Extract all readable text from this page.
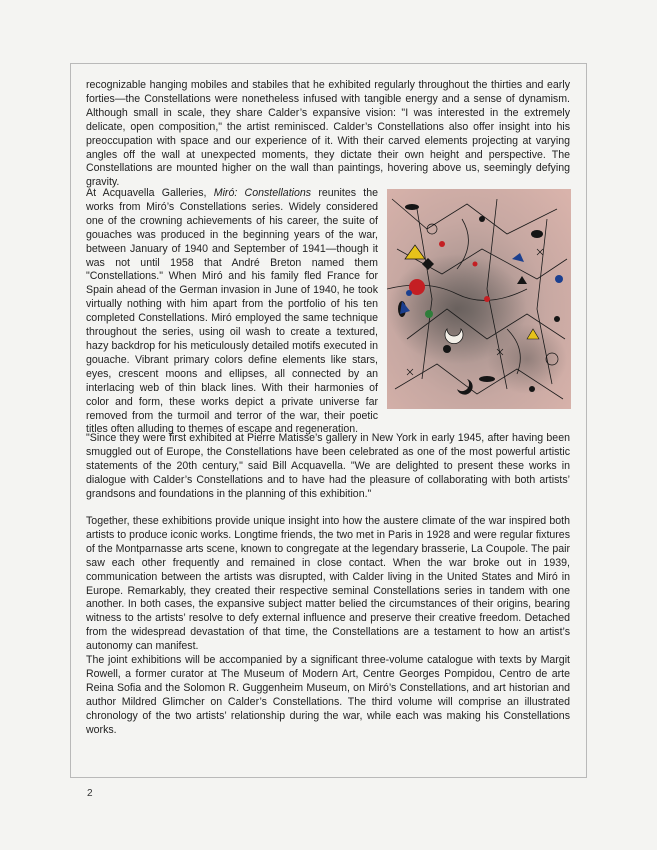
recognizable hanging mobiles and stabiles that he exhibited regularly throughout the thirties and early forties—the Constellations were nonetheless infused with tangible energy and a sense of dynamism. Although small in scale, they share Calder’s expansive vision: "I was interested in the extremely delicate, open composition," the artist reminisced. Calder’s Constellations also offer insight into his preoccupation with space and our experience of it. With their carved elements projecting at varying angles off the wall at unexpected moments, they dictate their own height and perspective. The Constellations are mounted higher on the wall than paintings, hovering above us, seemingly defying gravity.

At Acquavella Galleries, Miró: Constellations reunites the works from Miró’s Constellations series. Widely considered one of the crowning achievements of his career, the suite of gouaches was produced in the beginning years of the war, between January of 1940 and September of 1941—though it was not until 1958 that André Breton named them "Constellations." When Miró and his family fled France for Spain ahead of the German invasion in June of 1940, he took virtually nothing with him apart from the portfolio of his ten completed Constellations. Miró employed the same technique throughout the series, using oil wash to create a textured, hazy backdrop for his meticulously detailed motifs executed in gouache. Vibrant primary colors define elements like stars, eyes, crescent moons and ellipses, all connected by an interlacing web of thin black lines. With their harmonies of color and form, these works depict a private universe far removed from the turmoil and terror of the war, their poetic titles often alluding to themes of escape and regeneration.

"Since they were first exhibited at Pierre Matisse’s gallery in New York in early 1945, after having been smuggled out of Europe, the Constellations have been celebrated as one of the most powerful artistic statements of the 20th century," said Bill Acquavella. "We are delighted to present these works in dialogue with Calder’s Constellations and to have had the pleasure of collaborating with both artists’ grandsons and foundations in the planning of this exhibition."

Together, these exhibitions provide unique insight into how the austere climate of the war inspired both artists to produce iconic works. Longtime friends, the two met in Paris in 1928 and were regular fixtures of the Montparnasse arts scene, known to congregate at the legendary brasserie, La Coupole. The pair saw each other frequently and remained in close contact. When the war broke out in 1939, communication between the artists was disrupted, with Calder living in the United States and Miró in Europe. Remarkably, they created their respective seminal Constellations series in tandem with one another. In both cases, the expansive subject matter belied the circumstances of their origins, bearing witness to the artists’ resolve to defy external influence and preserve their creative freedom. Detached from the widespread devastation of that time, the Constellations are a testament to how an artist’s autonomy can manifest.

The joint exhibitions will be accompanied by a significant three-volume catalogue with texts by Margit Rowell, a former curator at The Museum of Modern Art, Centre Georges Pompidou, Centro de arte Reina Sofia and the Solomon R. Guggenheim Museum, on Miró’s Constellations, and art historian and author Mildred Glimcher on Calder’s Constellations. The third volume will comprise an illustrated chronology of the two artists’ relationship during the war, while each was making his Constellations works.

2
